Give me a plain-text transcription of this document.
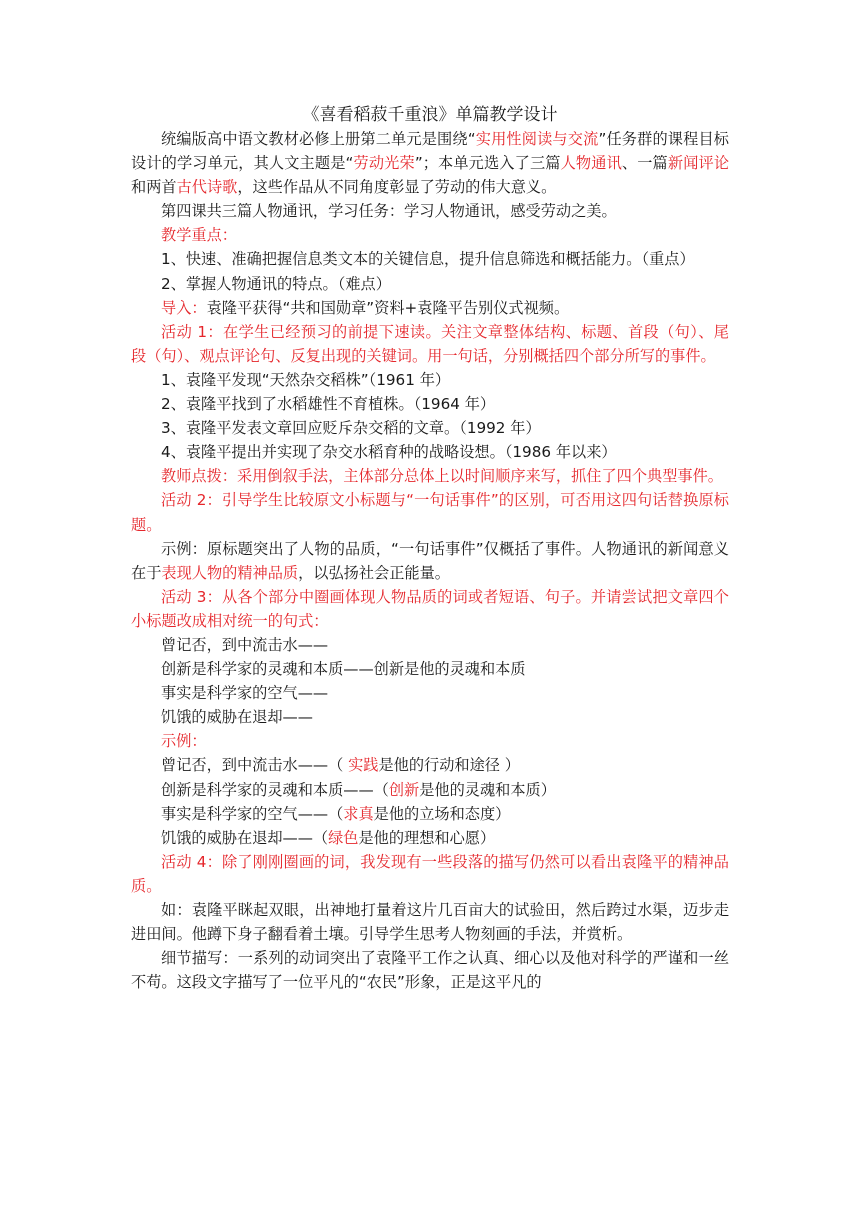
《喜看稻菽千重浪》单篇教学设计

统编版高中语文教材必修上册第二单元是围绕“实用性阅读与交流”任务群的课程目标设计的学习单元，其人文主题是“劳动光荣”；本单元选入了三篇人物通讯、一篇新闻评论和两首古代诗歌，这些作品从不同角度彰显了劳动的伟大意义。

第四课共三篇人物通讯，学习任务：学习人物通讯，感受劳动之美。

教学重点：

1、快速、准确把握信息类文本的关键信息，提升信息筛选和概括能力。（重点）

2、掌握人物通讯的特点。（难点）

导入：袁隆平获得“共和国勋章”资料+袁隆平告别仪式视频。

活动 1：在学生已经预习的前提下速读。关注文章整体结构、标题、首段（句）、尾段（句）、观点评论句、反复出现的关键词。用一句话，分别概括四个部分所写的事件。

1、袁隆平发现“天然杂交稻株”（1961 年）

2、袁隆平找到了水稻雄性不育植株。（1964 年）

3、袁隆平发表文章回应贬斥杂交稻的文章。（1992 年）

4、袁隆平提出并实现了杂交水稻育种的战略设想。（1986 年以来）

教师点拨：采用倒叙手法，主体部分总体上以时间顺序来写，抓住了四个典型事件。

活动 2：引导学生比较原文小标题与“一句话事件”的区别，可否用这四句话替换原标题。

示例：原标题突出了人物的品质，“一句话事件”仅概括了事件。人物通讯的新闻意义在于表现人物的精神品质，以弘扬社会正能量。

活动 3：从各个部分中圈画体现人物品质的词或者短语、句子。并请尝试把文章四个小标题改成相对统一的句式：

曾记否，到中流击水——

创新是科学家的灵魂和本质——创新是他的灵魂和本质

事实是科学家的空气——

饥饿的威胁在退却——

示例：

曾记否，到中流击水——（ 实践是他的行动和途径 ）

创新是科学家的灵魂和本质——（创新是他的灵魂和本质）

事实是科学家的空气——（求真是他的立场和态度）

饥饿的威胁在退却——（绿色是他的理想和心愿）

活动 4：除了刚刚圈画的词，我发现有一些段落的描写仍然可以看出袁隆平的精神品质。

如：袁隆平眯起双眼，出神地打量着这片几百亩大的试验田，然后跨过水渠，迈步走进田间。他蹲下身子翻看着土壤。引导学生思考人物刻画的手法，并赏析。

细节描写：一系列的动词突出了袁隆平工作之认真、细心以及他对科学的严谨和一丝不苟。这段文字描写了一位平凡的“农民”形象，正是这平凡的
